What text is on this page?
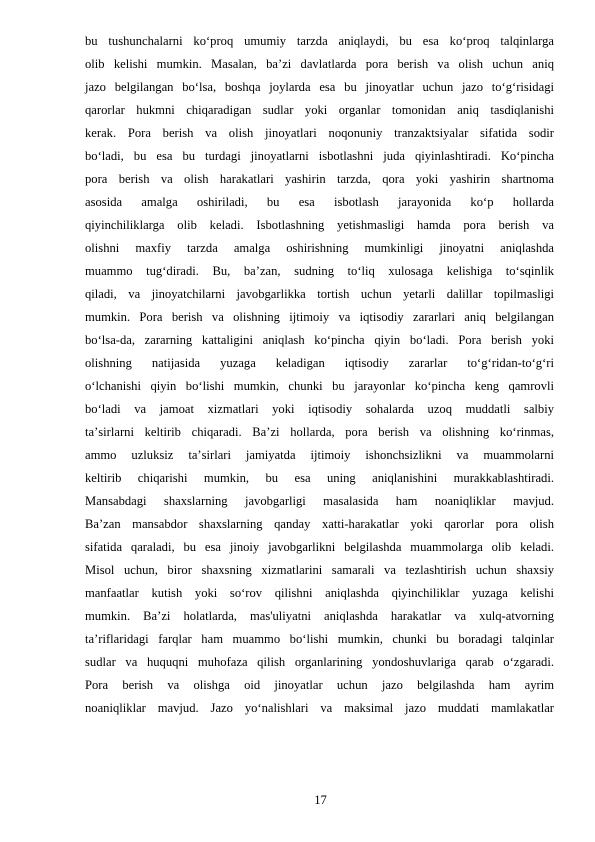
bu tushunchalarni koʻproq umumiy tarzda aniqlaydi, bu esa koʻproq talqinlarga
olib kelishi mumkin. Masalan, baʼzi davlatlarda pora berish va olish uchun aniq
jazo belgilangan boʻlsa, boshqa joylarda esa bu jinoyatlar uchun jazo toʻgʻrisidagi
qarorlar hukmni chiqaradigan sudlar yoki organlar tomonidan aniq tasdiqlanishi
kerak. Pora berish va olish jinoyatlari noqonuniy tranzaktsiyalar sifatida sodir
boʻladi, bu esa bu turdagi jinoyatlarni isbotlashni juda qiyinlashtiradi. Koʻpincha
pora berish va olish harakatlari yashirin tarzda, qora yoki yashirin shartnoma
asosida amalga oshiriladi, bu esa isbotlash jarayonida koʻp hollarda
qiyinchiliklarga olib keladi. Isbotlashning yetishmasligi hamda pora berish va
olishni maxfiy tarzda amalga oshirishning mumkinligi jinoyatni aniqlashda
muammo tugʻdiradi. Bu, baʼzan, sudning toʻliq xulosaga kelishiga toʻsqinlik
qiladi, va jinoyatchilarni javobgarlikka tortish uchun yetarli dalillar topilmasligi
mumkin. Pora berish va olishning ijtimoiy va iqtisodiy zararlari aniq belgilangan
boʻlsa-da, zararning kattaligini aniqlash koʻpincha qiyin boʻladi. Pora berish yoki
olishning natijasida yuzaga keladigan iqtisodiy zararlar toʻgʻridan-toʻgʻri
oʻlchanishi qiyin boʻlishi mumkin, chunki bu jarayonlar koʻpincha keng qamrovli
boʻladi va jamoat xizmatlari yoki iqtisodiy sohalarda uzoq muddatli salbiy
taʼsirlarni keltirib chiqaradi. Baʼzi hollarda, pora berish va olishning koʻrinmas,
ammo uzluksiz taʼsirlari jamiyatda ijtimoiy ishonchsizlikni va muammolarni
keltirib chiqarishi mumkin, bu esa uning aniqlanishini murakkablashtiradi.
Mansabdagi shaxslarning javobgarligi masalasida ham noaniqliklar mavjud.
Baʼzan mansabdor shaxslarning qanday xatti-harakatlar yoki qarorlar pora olish
sifatida qaraladi, bu esa jinoiy javobgarlikni belgilashda muammolarga olib keladi.
Misol uchun, biror shaxsning xizmatlarini samarali va tezlashtirish uchun shaxsiy
manfaatlar kutish yoki soʻrov qilishni aniqlashda qiyinchiliklar yuzaga kelishi
mumkin. Baʼzi holatlarda, mas'uliyatni aniqlashda harakatlar va xulq-atvorning
taʼriflaridagi farqlar ham muammo boʻlishi mumkin, chunki bu boradagi talqinlar
sudlar va huquqni muhofaza qilish organlarining yondoshuvlariga qarab oʻzgaradi.
Pora berish va olishga oid jinoyatlar uchun jazo belgilashda ham ayrim
noaniqliklar mavjud. Jazo yoʻnalishlari va maksimal jazo muddati mamlakatlar
17
